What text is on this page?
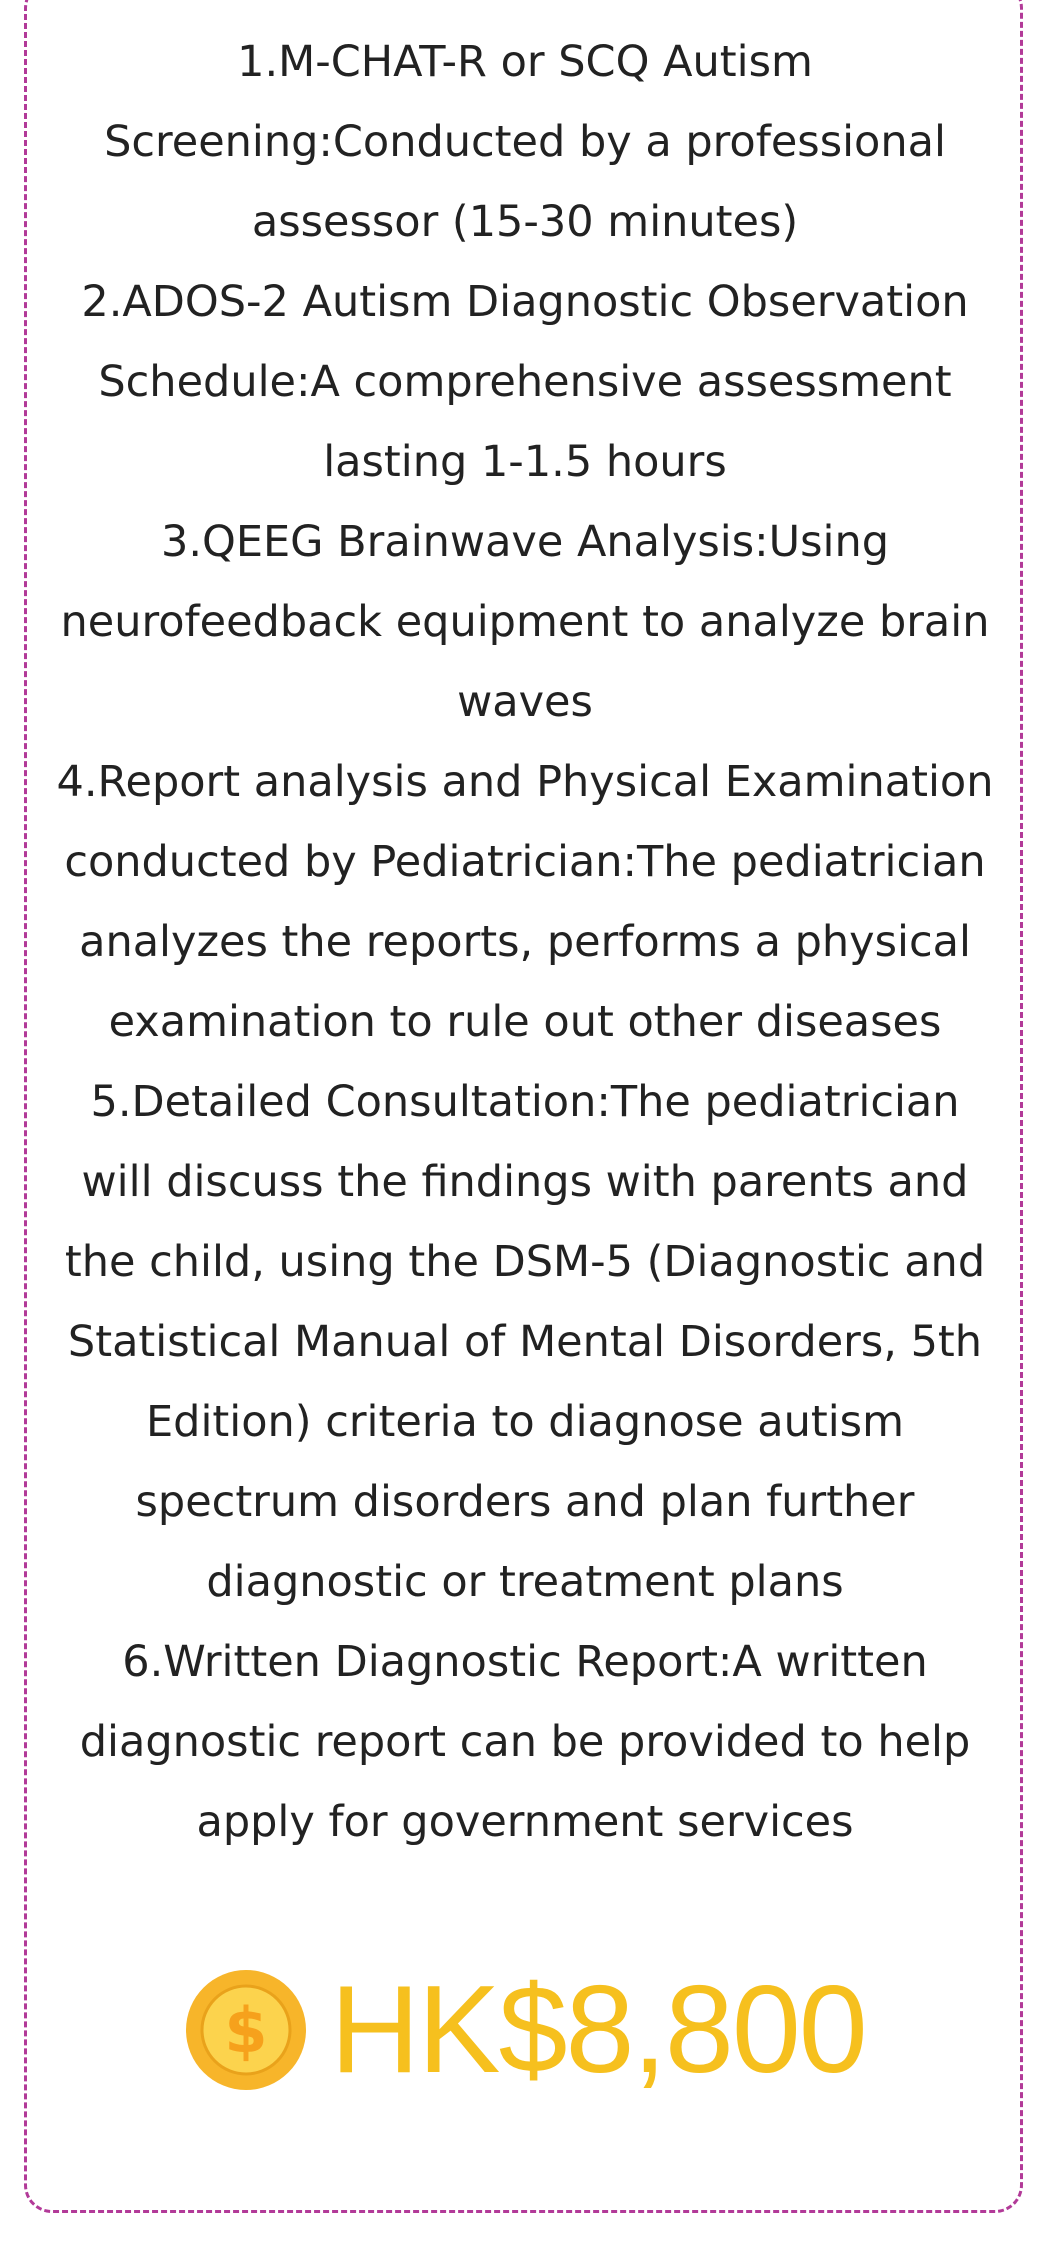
1.M-CHAT-R or SCQ Autism Screening:Conducted by a professional assessor (15-30 minutes)
2.ADOS-2 Autism Diagnostic Observation Schedule:A comprehensive assessment lasting 1-1.5 hours
3.QEEG Brainwave Analysis:Using neurofeedback equipment to analyze brain waves
4.Report analysis and Physical Examination conducted by Pediatrician:The pediatrician analyzes the reports, performs a physical examination to rule out other diseases
5.Detailed Consultation:The pediatrician will discuss the findings with parents and the child, using the DSM-5 (Diagnostic and Statistical Manual of Mental Disorders, 5th Edition) criteria to diagnose autism spectrum disorders and plan further diagnostic or treatment plans
6.Written Diagnostic Report:A written diagnostic report can be provided to help apply for government services
$ HK$8,800
